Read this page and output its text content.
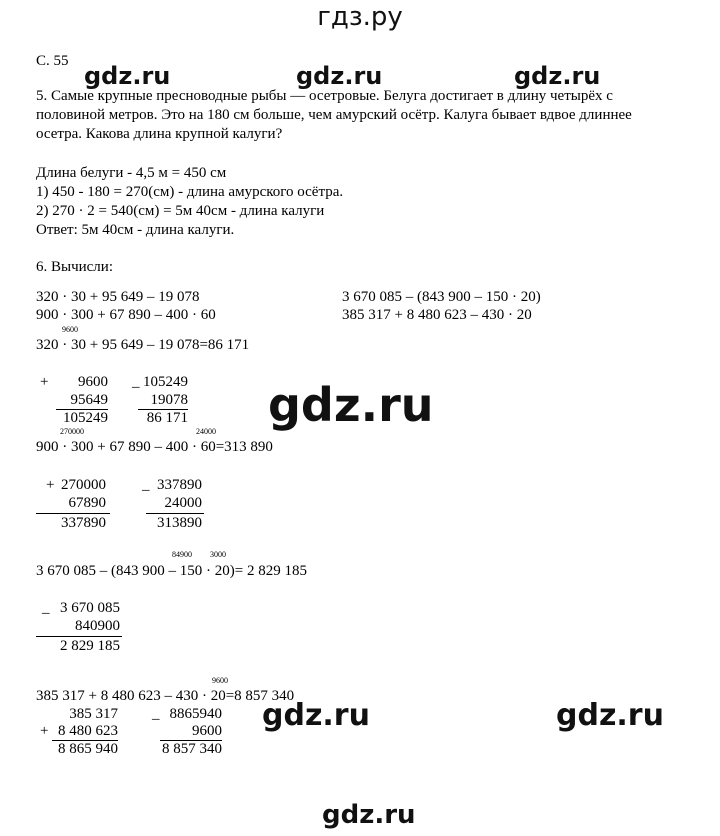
гдз.ру
С. 55
gdz.ru	gdz.ru	gdz.ru
gdz.ru
gdz.ru	gdz.ru
gdz.ru
5. Самые крупные пресноводные рыбы — осетровые. Белуга достигает в длину четырёх с
половиной метров. Это на 180 см больше, чем амурский осётр. Калуга бывает вдвое длиннее
осетра. Какова длина крупной калуги?
Длина белуги - 4,5 м = 450 см
1) 450 - 180 = 270(см) - длина амурского осётра.
2) 270 · 2 = 540(см) = 5м 40см - длина калуги
Ответ: 5м 40см - длина калуги.
6. Вычисли:
320 · 30 + 95 649 – 19 078
900 · 300 + 67 890 – 400 · 60
3 670 085 – (843 900 – 150 · 20)
385 317 + 8 480 623 – 430 · 20
9600
320 · 30 + 95 649 – 19 078=86 171
+	9600
95649
105249
_ 105249
19078
86 171
270000	24000
900 · 300 + 67 890 – 400 · 60=313 890
+ 270000
67890
337890
_ 337890
24000
313890
84900 3000
3 670 085 – (843 900 – 150 · 20)= 2 829 185
_ 3 670 085
840900
2 829 185
9600
385 317 + 8 480 623 – 430 · 20=8 857 340
385 317
+ 8 480 623
8 865 940
_ 8865940
9600
8 857 340
